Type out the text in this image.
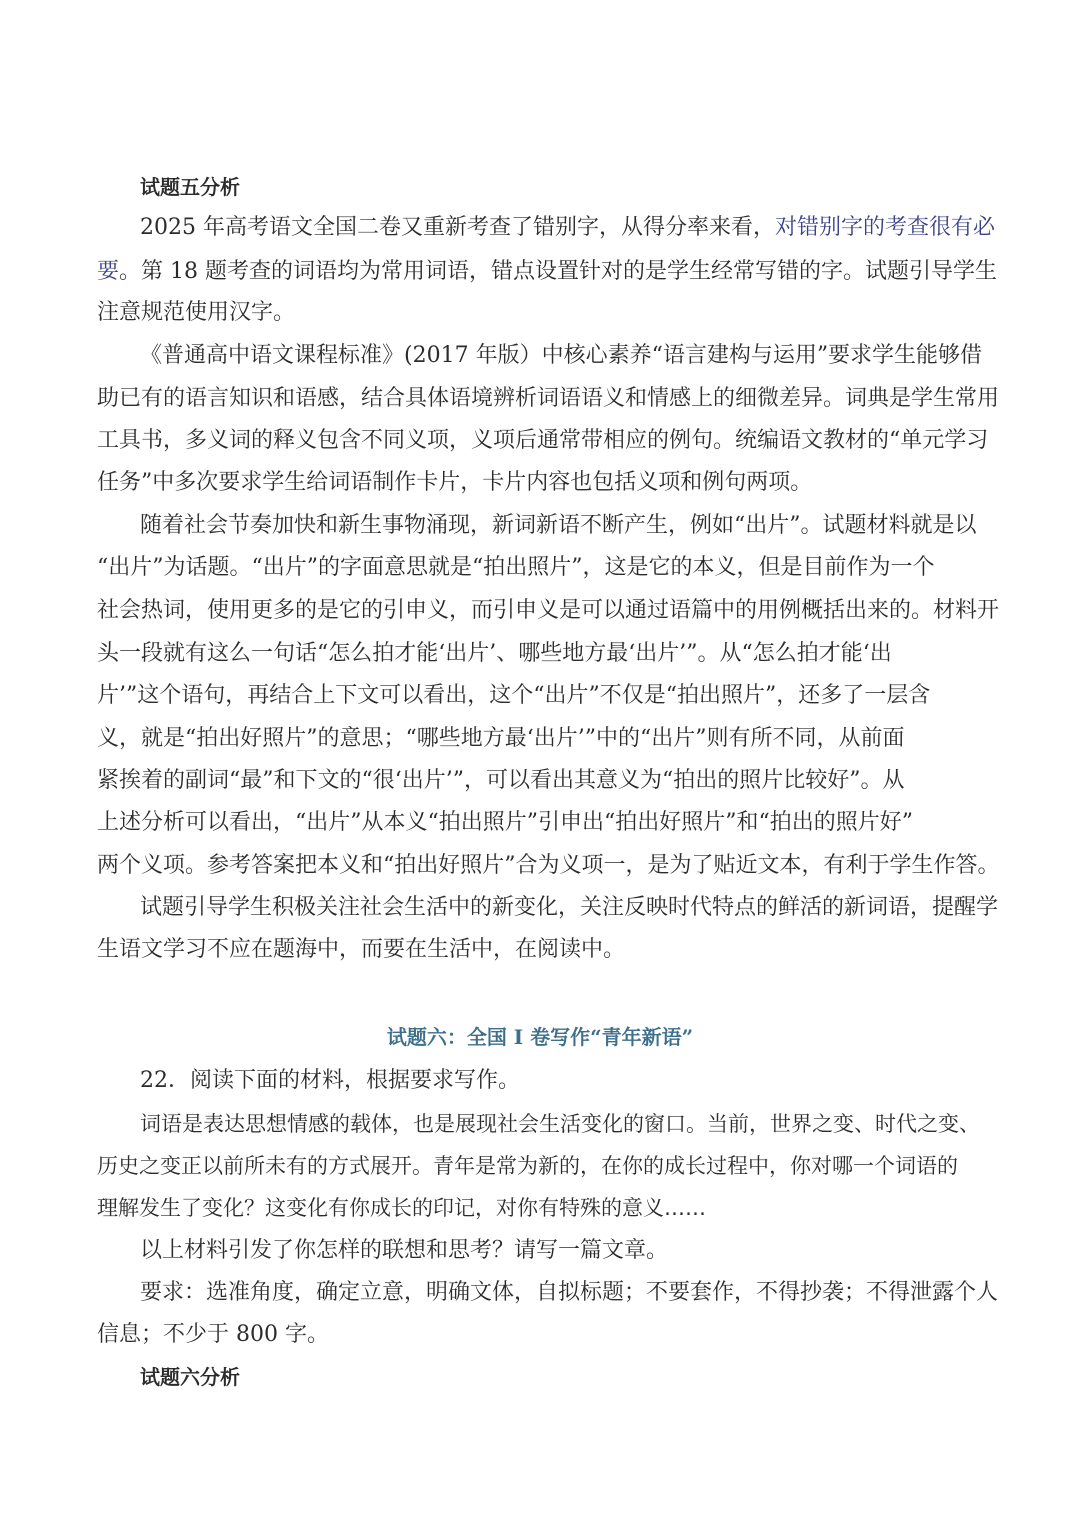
试题五分析
2025 年高考语文全国二卷又重新考查了错别字，从得分率来看，对错别字的考查很有必
要。第 18 题考查的词语均为常用词语，错点设置针对的是学生经常写错的字。试题引导学生
注意规范使用汉字。
《普通高中语文课程标准》(2017 年版）中核心素养“语言建构与运用”要求学生能够借
助已有的语言知识和语感，结合具体语境辨析词语语义和情感上的细微差异。词典是学生常用
工具书，多义词的释义包含不同义项，义项后通常带相应的例句。统编语文教材的“单元学习
任务”中多次要求学生给词语制作卡片，卡片内容也包括义项和例句两项。
随着社会节奏加快和新生事物涌现，新词新语不断产生，例如“出片”。试题材料就是以
“出片”为话题。“出片”的字面意思就是“拍出照片”，这是它的本义，但是目前作为一个
社会热词，使用更多的是它的引申义，而引申义是可以通过语篇中的用例概括出来的。材料开
头一段就有这么一句话“怎么拍才能‘出片’、哪些地方最‘出片’”。从“怎么拍才能‘出
片’”这个语句，再结合上下文可以看出，这个“出片”不仅是“拍出照片”，还多了一层含
义，就是“拍出好照片”的意思；“哪些地方最‘出片’”中的“出片”则有所不同，从前面
紧挨着的副词“最”和下文的“很‘出片’”，可以看出其意义为“拍出的照片比较好”。从
上述分析可以看出，“出片”从本义“拍出照片”引申出“拍出好照片”和“拍出的照片好”
两个义项。参考答案把本义和“拍出好照片”合为义项一，是为了贴近文本，有利于学生作答。
试题引导学生积极关注社会生活中的新变化，关注反映时代特点的鲜活的新词语，提醒学
生语文学习不应在题海中，而要在生活中，在阅读中。
试题六：全国 I 卷写作“青年新语”
22．阅读下面的材料，根据要求写作。
词语是表达思想情感的载体，也是展现社会生活变化的窗口。当前，世界之变、时代之变、
历史之变正以前所未有的方式展开。青年是常为新的，在你的成长过程中，你对哪一个词语的
理解发生了变化？这变化有你成长的印记，对你有特殊的意义……
以上材料引发了你怎样的联想和思考？请写一篇文章。
要求：选准角度，确定立意，明确文体，自拟标题；不要套作，不得抄袭；不得泄露个人
信息；不少于 800 字。
试题六分析
